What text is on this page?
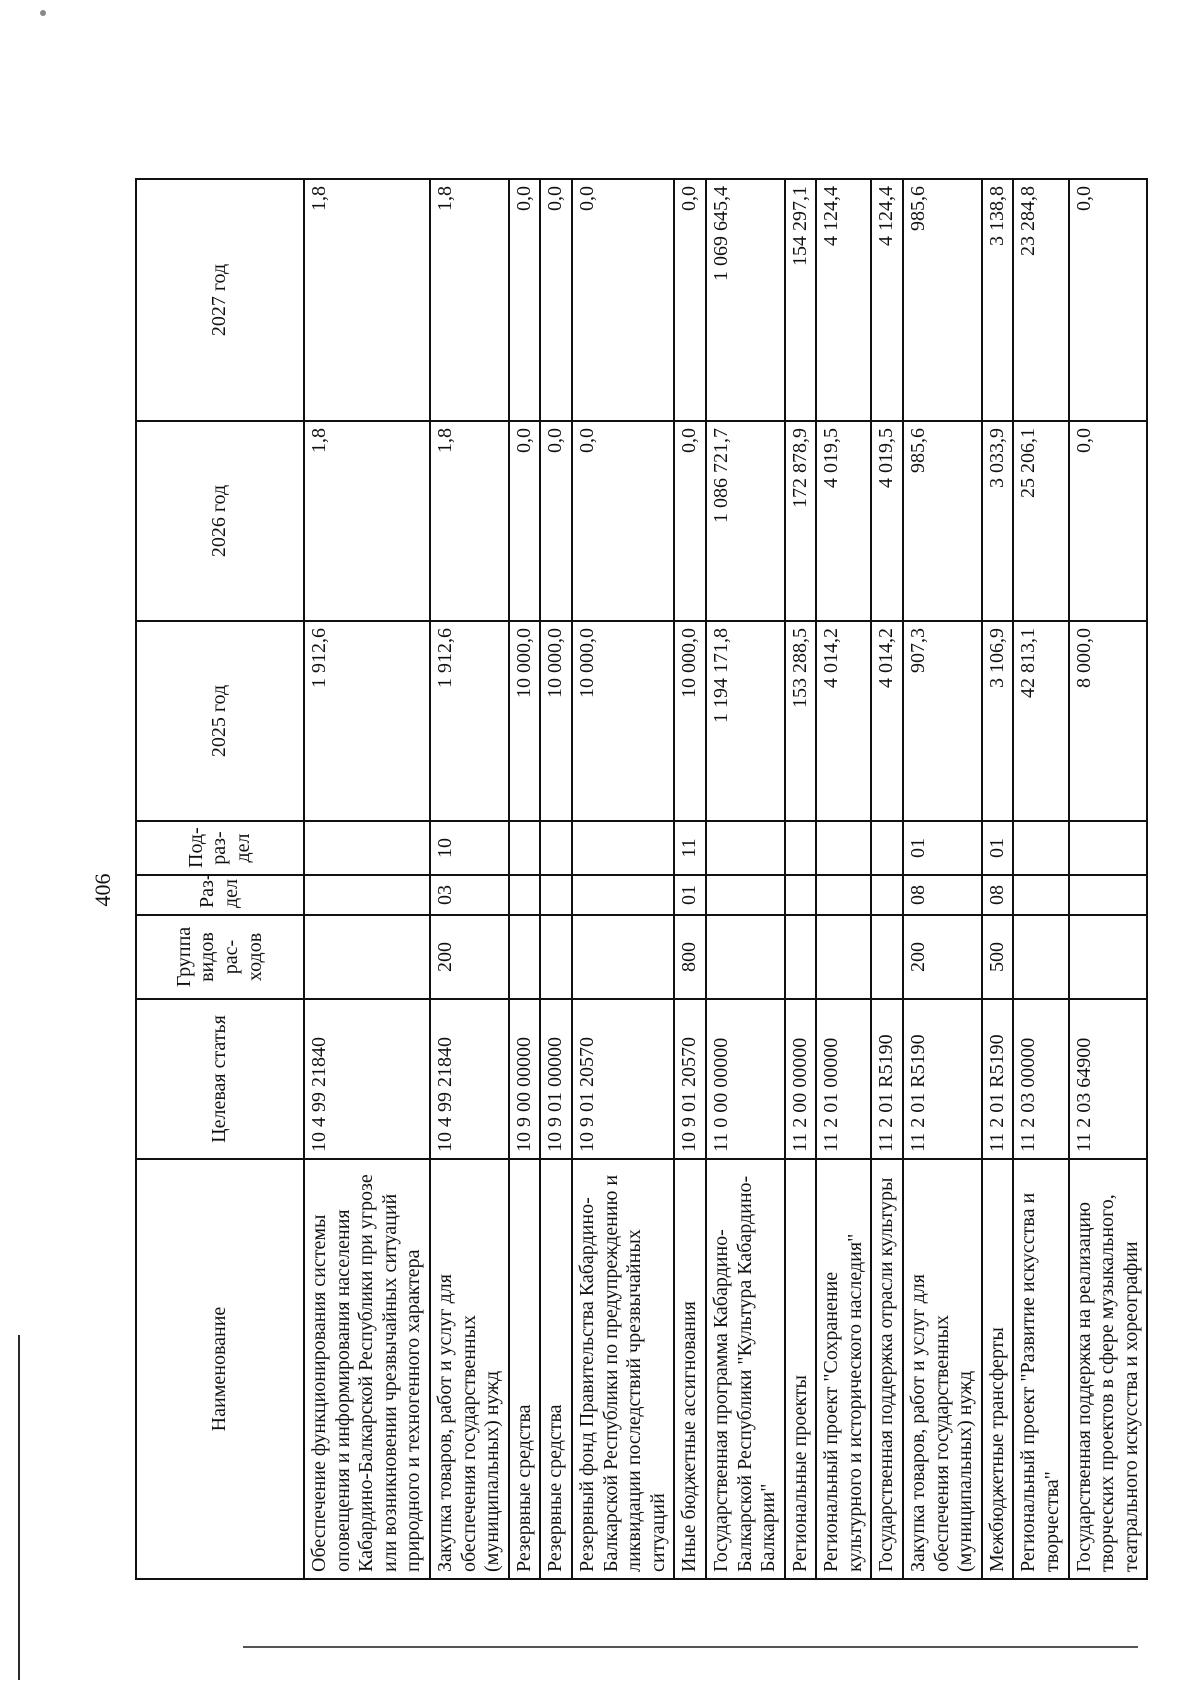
406
Наименование	Целевая статья	Группа видов рас-ходов	Раз-дел	Под-раз-дел	2025 год	2026 год	2027 год
Обеспечение функционирования системы оповещения и информирования населения Кабардино-Балкарской Республики при угрозе или возникновении чрезвычайных ситуаций природного и техногенного характера	10 4 99 21840				1 912,6	1,8	1,8
Закупка товаров, работ и услуг для обеспечения государственных (муниципальных) нужд	10 4 99 21840	200	03	10	1 912,6	1,8	1,8
Резервные средства	10 9 00 00000				10 000,0	0,0	0,0
Резервные средства	10 9 01 00000				10 000,0	0,0	0,0
Резервный фонд Правительства Кабардино-Балкарской Республики по предупреждению и ликвидации последствий чрезвычайных ситуаций	10 9 01 20570				10 000,0	0,0	0,0
Иные бюджетные ассигнования	10 9 01 20570	800	01	11	10 000,0	0,0	0,0
Государственная программа Кабардино-Балкарской Республики "Культура Кабардино-Балкарии"	11 0 00 00000				1 194 171,8	1 086 721,7	1 069 645,4
Региональные проекты	11 2 00 00000				153 288,5	172 878,9	154 297,1
Региональный проект "Сохранение культурного и исторического наследия"	11 2 01 00000				4 014,2	4 019,5	4 124,4
Государственная поддержка отрасли культуры	11 2 01 R5190				4 014,2	4 019,5	4 124,4
Закупка товаров, работ и услуг для обеспечения государственных (муниципальных) нужд	11 2 01 R5190	200	08	01	907,3	985,6	985,6
Межбюджетные трансферты	11 2 01 R5190	500	08	01	3 106,9	3 033,9	3 138,8
Региональный проект "Развитие искусства и творчества"	11 2 03 00000				42 813,1	25 206,1	23 284,8
Государственная поддержка на реализацию творческих проектов в сфере музыкального, театрального искусства и хореографии	11 2 03 64900				8 000,0	0,0	0,0
